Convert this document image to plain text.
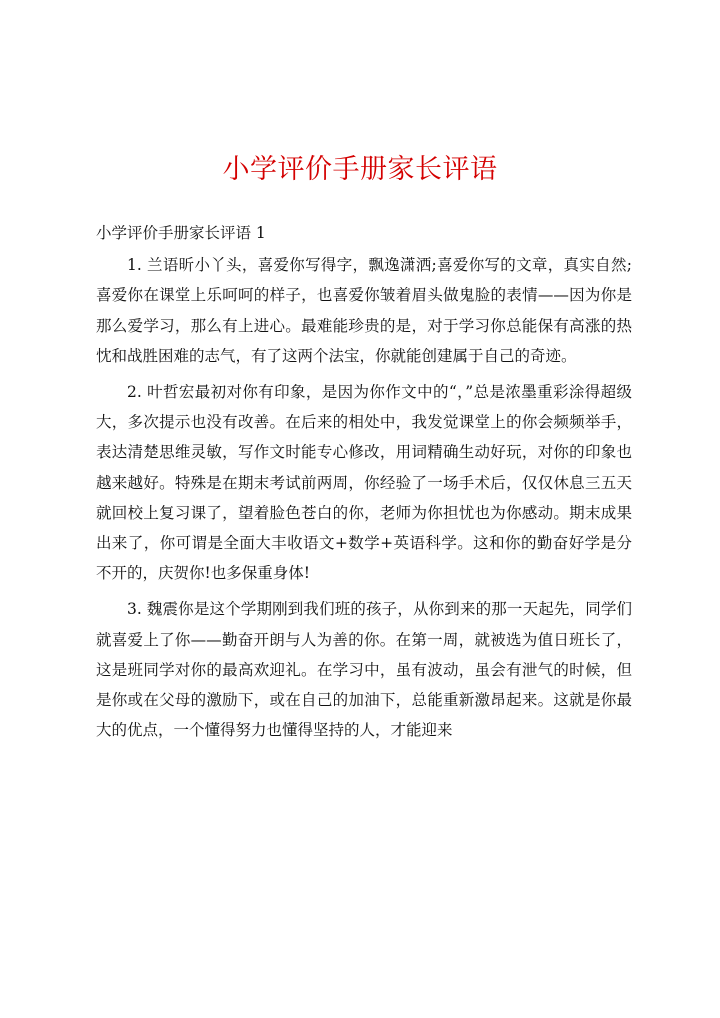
小学评价手册家长评语

小学评价手册家长评语 1

1. 兰语昕小丫头，喜爱你写得字，飘逸潇洒;喜爱你写的文章，真实自然;喜爱你在课堂上乐呵呵的样子，也喜爱你皱着眉头做鬼脸的表情——因为你是那么爱学习，那么有上进心。最难能珍贵的是，对于学习你总能保有高涨的热忱和战胜困难的志气，有了这两个法宝，你就能创建属于自己的奇迹。

2. 叶哲宏最初对你有印象，是因为你作文中的“，”总是浓墨重彩涂得超级大，多次提示也没有改善。在后来的相处中，我发觉课堂上的你会频频举手，表达清楚思维灵敏，写作文时能专心修改，用词精确生动好玩，对你的印象也越来越好。特殊是在期末考试前两周，你经验了一场手术后，仅仅休息三五天就回校上复习课了，望着脸色苍白的你，老师为你担忧也为你感动。期末成果出来了，你可谓是全面大丰收语文+数学+英语科学。这和你的勤奋好学是分不开的，庆贺你!也多保重身体!

3. 魏震你是这个学期刚到我们班的孩子，从你到来的那一天起先，同学们就喜爱上了你——勤奋开朗与人为善的你。在第一周，就被选为值日班长了，这是班同学对你的最高欢迎礼。在学习中，虽有波动，虽会有泄气的时候，但是你或在父母的激励下，或在自己的加油下，总能重新激昂起来。这就是你最大的优点，一个懂得努力也懂得坚持的人，才能迎来
